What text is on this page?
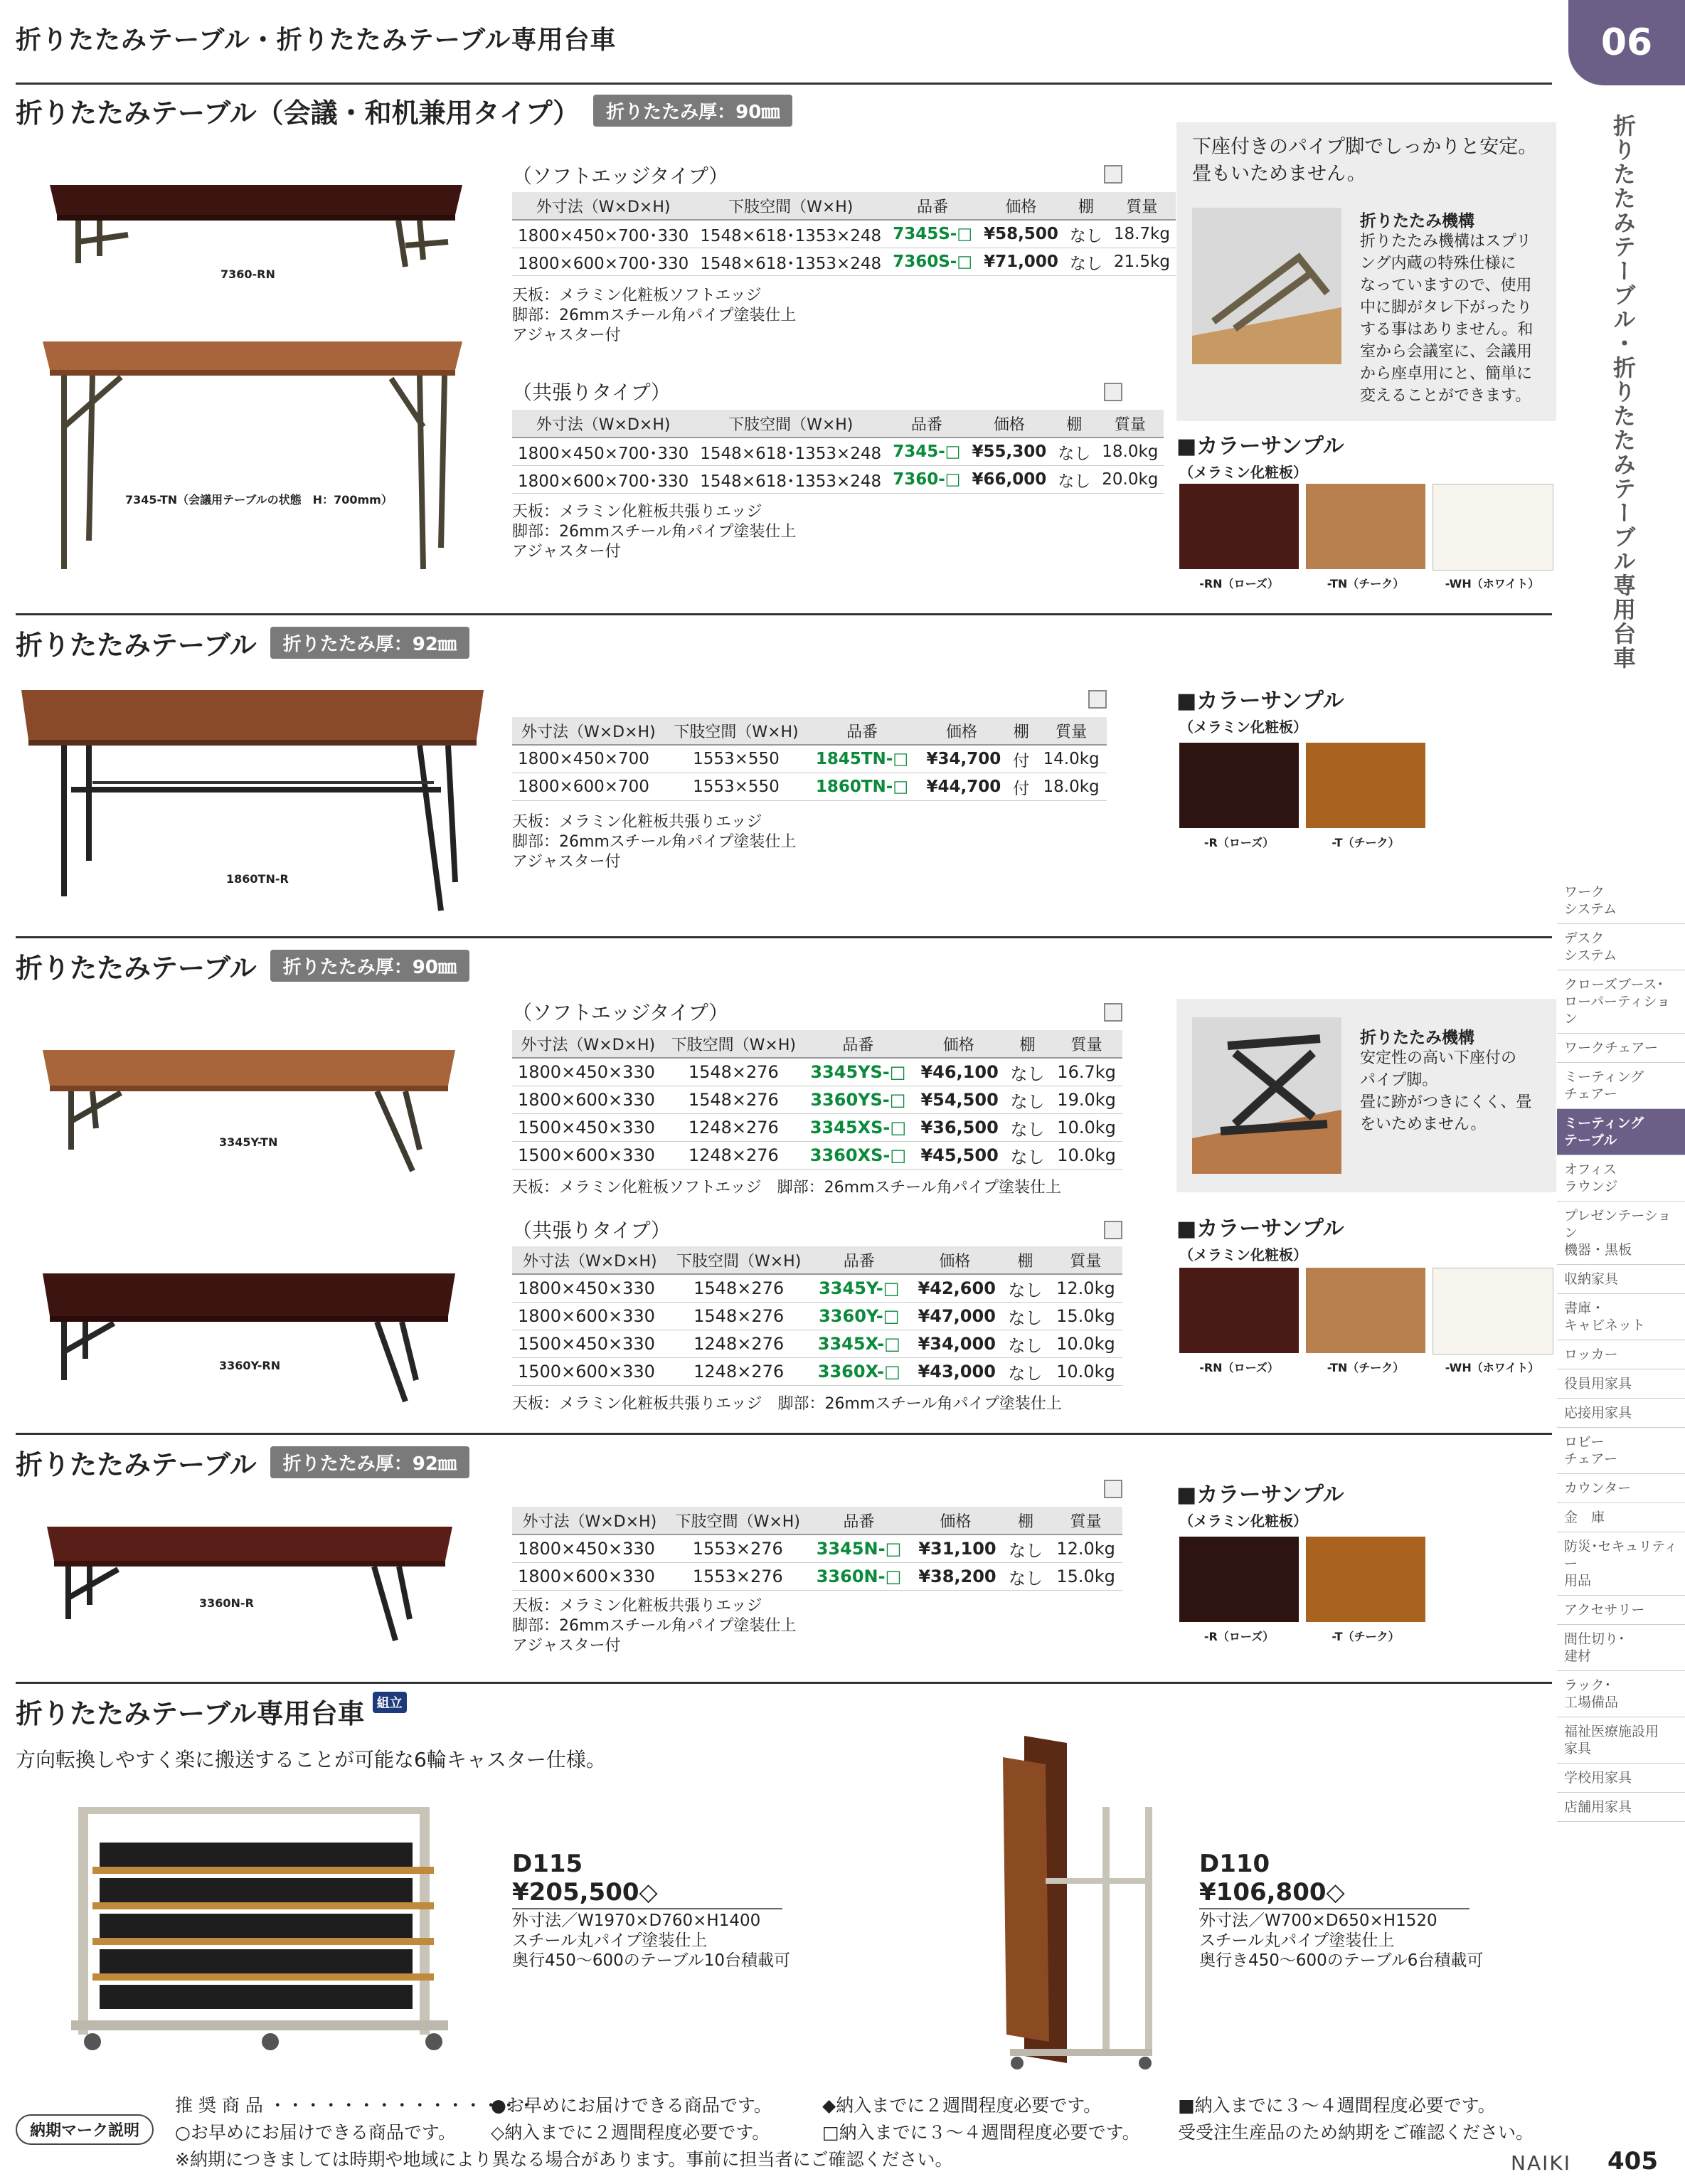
折りたたみテーブル・折りたたみテーブル専用台車	06
折りたたみテーブル・折りたたみテーブル専用台車
折りたたみテーブル（会議・和机兼用タイプ） 折りたたみ厚：90㎜
7360-RN
7345-TN（会議用テーブルの状態　H：700mm）
（ソフトエッジタイプ）
外寸法（W×D×H)	下肢空間（W×H)	品番	価格	棚	質量
1800×450×700･330	1548×618･1353×248	7345S-□	¥58,500	なし	18.7kg
1800×600×700･330	1548×618･1353×248	7360S-□	¥71,000	なし	21.5kg
天板：メラミン化粧板ソフトエッジ
脚部：26mmスチール角パイプ塗装仕上
アジャスター付
（共張りタイプ）
外寸法（W×D×H)	下肢空間（W×H)	品番	価格	棚	質量
1800×450×700･330	1548×618･1353×248	7345-□	¥55,300	なし	18.0kg
1800×600×700･330	1548×618･1353×248	7360-□	¥66,000	なし	20.0kg
天板：メラミン化粧板共張りエッジ
脚部：26mmスチール角パイプ塗装仕上
アジャスター付
下座付きのパイプ脚でしっかりと安定。
畳もいためません。
折りたたみ機構
折りたたみ機構はスプリ
ング内蔵の特殊仕様に
なっていますので、使用
中に脚がタレ下がったり
する事はありません。和
室から会議室に、会議用
から座卓用にと、簡単に
変えることができます。
■カラーサンプル
（メラミン化粧板）
-RN（ローズ）	-TN（チーク）	-WH（ホワイト）
折りたたみテーブル 折りたたみ厚：92㎜
1860TN-R
外寸法（W×D×H)	下肢空間（W×H)	品番	価格	棚	質量
1800×450×700	1553×550	1845TN-□	¥34,700	付	14.0kg
1800×600×700	1553×550	1860TN-□	¥44,700	付	18.0kg
天板：メラミン化粧板共張りエッジ
脚部：26mmスチール角パイプ塗装仕上
アジャスター付
■カラーサンプル
（メラミン化粧板）
-R（ローズ）	-T（チーク）
折りたたみテーブル 折りたたみ厚：90㎜
3345Y-TN
3360Y-RN
（ソフトエッジタイプ）
外寸法（W×D×H)	下肢空間（W×H)	品番	価格	棚	質量
1800×450×330	1548×276	3345YS-□	¥46,100	なし	16.7kg
1800×600×330	1548×276	3360YS-□	¥54,500	なし	19.0kg
1500×450×330	1248×276	3345XS-□	¥36,500	なし	10.0kg
1500×600×330	1248×276	3360XS-□	¥45,500	なし	10.0kg
天板：メラミン化粧板ソフトエッジ　脚部：26mmスチール角パイプ塗装仕上
（共張りタイプ）
外寸法（W×D×H)	下肢空間（W×H)	品番	価格	棚	質量
1800×450×330	1548×276	3345Y-□	¥42,600	なし	12.0kg
1800×600×330	1548×276	3360Y-□	¥47,000	なし	15.0kg
1500×450×330	1248×276	3345X-□	¥34,000	なし	10.0kg
1500×600×330	1248×276	3360X-□	¥43,000	なし	10.0kg
天板：メラミン化粧板共張りエッジ　脚部：26mmスチール角パイプ塗装仕上
折りたたみ機構
安定性の高い下座付の
パイプ脚。
畳に跡がつきにくく、畳
をいためません。
■カラーサンプル
（メラミン化粧板）
-RN（ローズ）	-TN（チーク）	-WH（ホワイト）
折りたたみテーブル 折りたたみ厚：92㎜
3360N-R
外寸法（W×D×H)	下肢空間（W×H)	品番	価格	棚	質量
1800×450×330	1553×276	3345N-□	¥31,100	なし	12.0kg
1800×600×330	1553×276	3360N-□	¥38,200	なし	15.0kg
天板：メラミン化粧板共張りエッジ
脚部：26mmスチール角パイプ塗装仕上
アジャスター付
■カラーサンプル
（メラミン化粧板）
-R（ローズ）	-T（チーク）
折りたたみテーブル専用台車 組立
方向転換しやすく楽に搬送することが可能な6輪キャスター仕様。
D115
¥205,500◇
外寸法／W1970×D760×H1400
スチール丸パイプ塗装仕上
奥行450～600のテーブル10台積載可
D110
¥106,800◇
外寸法／W700×D650×H1520
スチール丸パイプ塗装仕上
奥行き450～600のテーブル6台積載可
ワーク
システム
デスク
システム
クローズブース･
ローパーティション
ワークチェアー
ミーティング
チェアー
ミーティング
テーブル
オフィス
ラウンジ
プレゼンテーション
機器・黒板
収納家具
書庫・
キャビネット
ロッカー
役員用家具
応接用家具
ロビー
チェアー
カウンター
金　庫
防災･セキュリティー
用品
アクセサリー
間仕切り･
建材
ラック･
工場備品
福祉医療施設用
家具
学校用家具
店舗用家具
納期マーク説明
推 奨 商 品 ・・・・・・・・・・・・・・・
●お早めにお届けできる商品です。	◆納入までに２週間程度必要です。	■納入までに３～４週間程度必要です。
○お早めにお届けできる商品です。 ◇納入までに２週間程度必要です。	□納入までに３～４週間程度必要です。 受受注生産品のため納期をご確認ください。
※納期につきましては時期や地域により異なる場合があります。事前に担当者にご確認ください。	NAIKI 405
